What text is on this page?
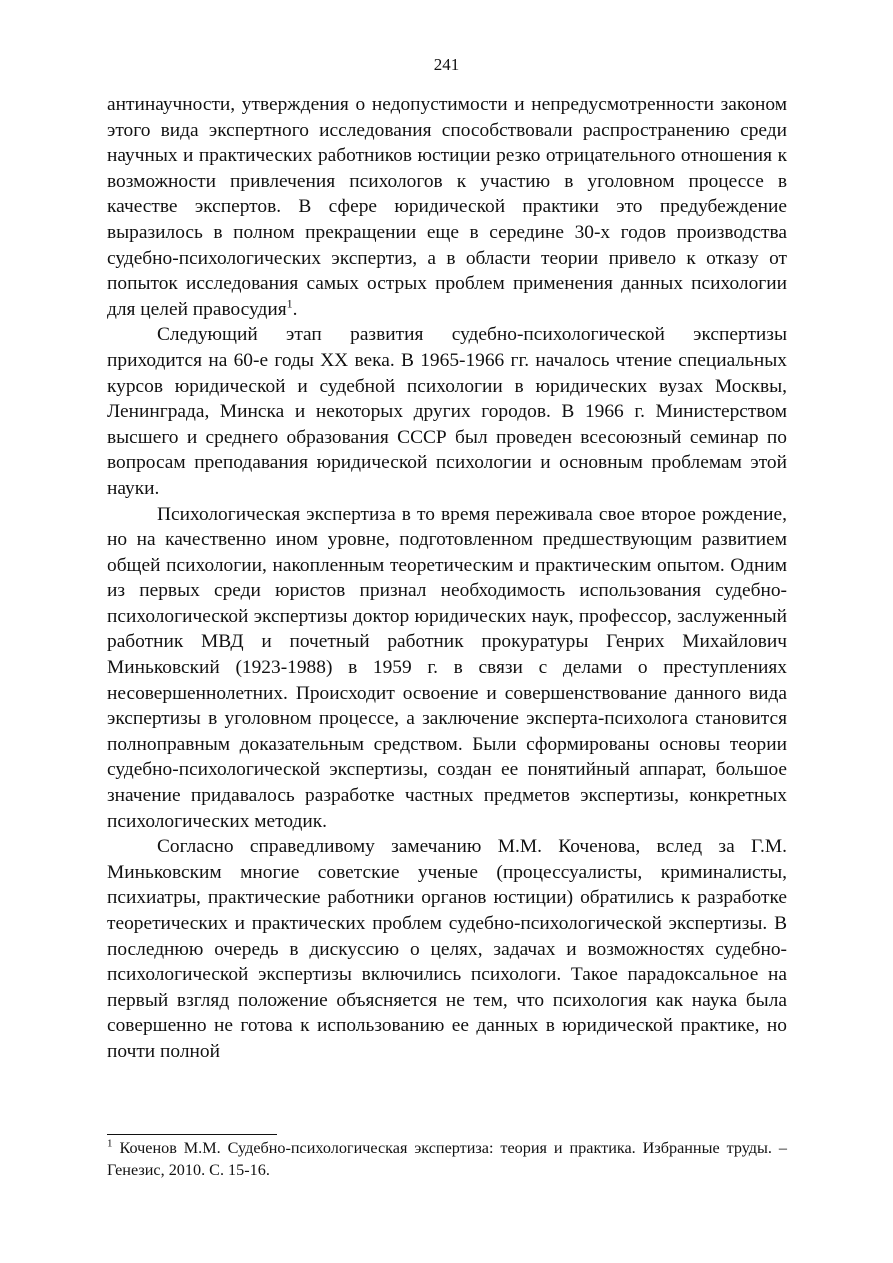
241

антинаучности, утверждения о недопустимости и непредусмотренности законом этого вида экспертного исследования способствовали распространению среди научных и практических работников юстиции резко отрицательного отношения к возможности привлечения психологов к участию в уголовном процессе в качестве экспертов. В сфере юридической практики это предубеждение выразилось в полном прекращении еще в середине 30-х годов производства судебно-психологических экспертиз, а в области теории привело к отказу от попыток исследования самых острых проблем применения данных психологии для целей правосудия$^1$.

Следующий этап развития судебно-психологической экспертизы приходится на 60-е годы XX века. В 1965-1966 гг. началось чтение специальных курсов юридической и судебной психологии в юридических вузах Москвы, Ленинграда, Минска и некоторых других городов. В 1966 г. Министерством высшего и среднего образования СССР был проведен всесоюзный семинар по вопросам преподавания юридической психологии и основным проблемам этой науки.

Психологическая экспертиза в то время переживала свое второе рождение, но на качественно ином уровне, подготовленном предшествующим развитием общей психологии, накопленным теоретическим и практическим опытом. Одним из первых среди юристов признал необходимость использования судебно-психологической экспертизы доктор юридических наук, профессор, заслуженный работник МВД и почетный работник прокуратуры Генрих Михайлович Миньковский (1923-1988) в 1959 г. в связи с делами о преступлениях несовершеннолетних. Происходит освоение и совершенствование данного вида экспертизы в уголовном процессе, а заключение эксперта-психолога становится полноправным доказательным средством. Были сформированы основы теории судебно-психологической экспертизы, создан ее понятийный аппарат, большое значение придавалось разработке частных предметов экспертизы, конкретных психологических методик.

Согласно справедливому замечанию М.М. Коченова, вслед за Г.М. Миньковским многие советские ученые (процессуалисты, криминалисты, психиатры, практические работники органов юстиции) обратились к разработке теоретических и практических проблем судебно-психологической экспертизы. В последнюю очередь в дискуссию о целях, задачах и возможностях судебно-психологической экспертизы включились психологи. Такое парадоксальное на первый взгляд положение объясняется не тем, что психология как наука была совершенно не готова к использованию ее данных в юридической практике, но почти полной

$^1$ Коченов М.М. Судебно-психологическая экспертиза: теория и практика. Избранные труды. – Генезис, 2010. С. 15-16.
